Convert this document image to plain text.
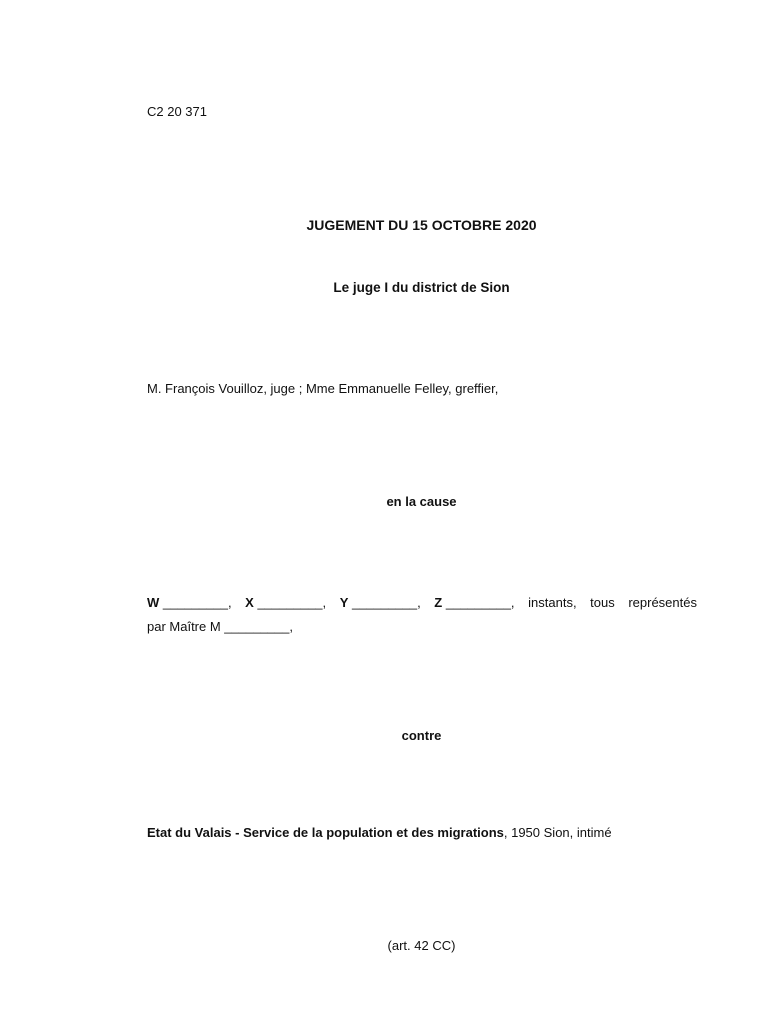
C2 20 371
JUGEMENT DU 15 OCTOBRE 2020
Le juge I du district de Sion
M. François Vouilloz, juge ; Mme Emmanuelle Felley, greffier,
en la cause
W _________, X _________, Y _________, Z _________, instants, tous représentés
par Maître M _________,
contre
Etat du Valais - Service de la population et des migrations, 1950 Sion, intimé
(art. 42 CC)
